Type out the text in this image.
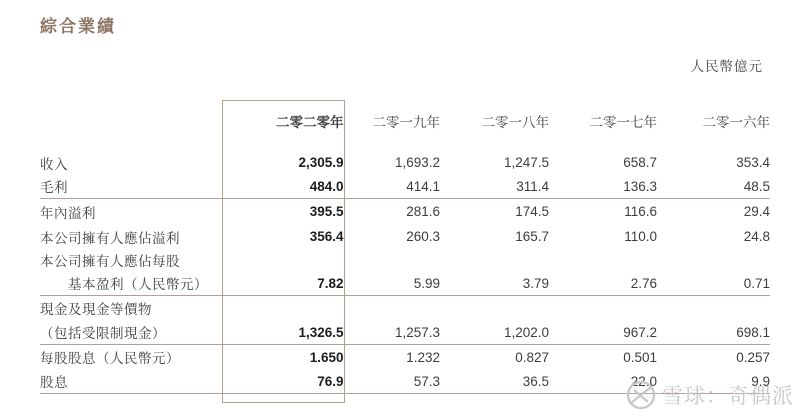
綜合業績
人民幣億元
	二零二零年	二零一九年	二零一八年	二零一七年	二零一六年
收入	2,305.9	1,693.2	1,247.5	658.7	353.4
毛利	484.0	414.1	311.4	136.3	48.5
年內溢利	395.5	281.6	174.5	116.6	29.4
本公司擁有人應佔溢利	356.4	260.3	165.7	110.0	24.8
本公司擁有人應佔每股					
基本盈利（人民幣元）	7.82	5.99	3.79	2.76	0.71
現金及現金等價物					
（包括受限制現金）	1,326.5	1,257.3	1,202.0	967.2	698.1
每股股息（人民幣元）	1.650	1.232	0.827	0.501	0.257
股息	76.9	57.3	36.5	22.0	9.9

雪球：奇偶派
